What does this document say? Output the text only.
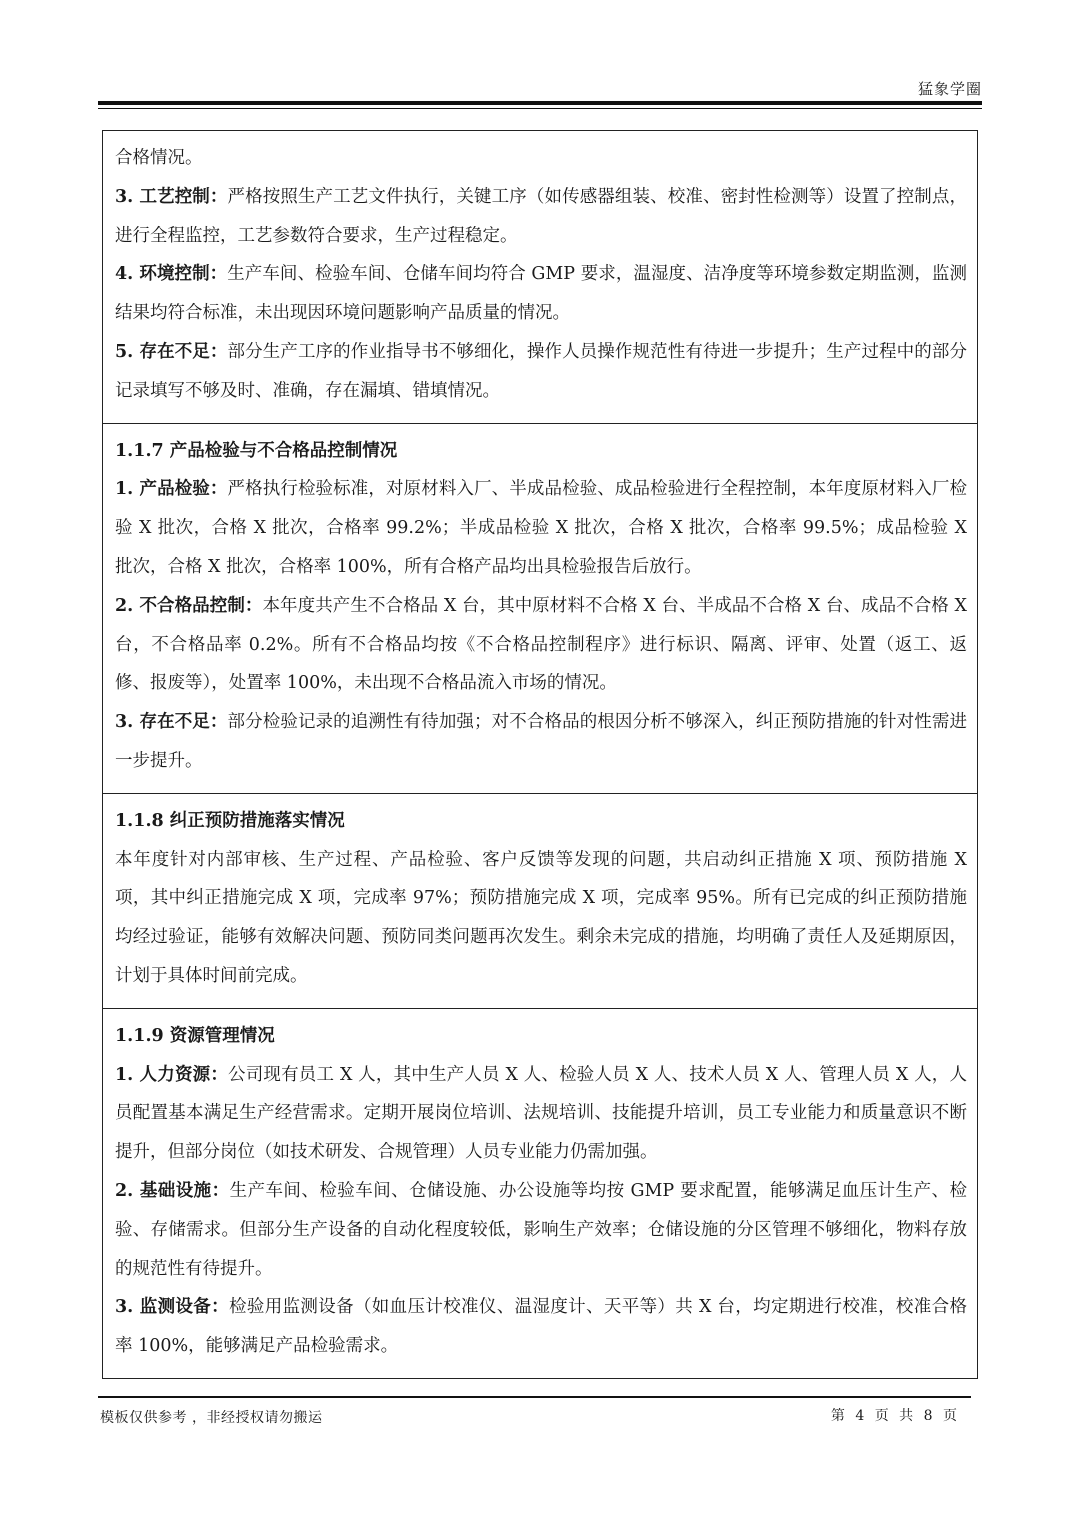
猛象学圈

合格情况。

3. 工艺控制：严格按照生产工艺文件执行，关键工序（如传感器组装、校准、密封性检测等）设置了控制点，进行全程监控，工艺参数符合要求，生产过程稳定。

4. 环境控制：生产车间、检验车间、仓储车间均符合 GMP 要求，温湿度、洁净度等环境参数定期监测，监测结果均符合标准，未出现因环境问题影响产品质量的情况。

5. 存在不足：部分生产工序的作业指导书不够细化，操作人员操作规范性有待进一步提升；生产过程中的部分记录填写不够及时、准确，存在漏填、错填情况。

1.1.7 产品检验与不合格品控制情况

1. 产品检验：严格执行检验标准，对原材料入厂、半成品检验、成品检验进行全程控制，本年度原材料入厂检验 X 批次，合格 X 批次，合格率 99.2%；半成品检验 X 批次，合格 X 批次，合格率 99.5%；成品检验 X 批次，合格 X 批次，合格率 100%，所有合格产品均出具检验报告后放行。

2. 不合格品控制：本年度共产生不合格品 X 台，其中原材料不合格 X 台、半成品不合格 X 台、成品不合格 X 台，不合格品率 0.2%。所有不合格品均按《不合格品控制程序》进行标识、隔离、评审、处置（返工、返修、报废等），处置率 100%，未出现不合格品流入市场的情况。

3. 存在不足：部分检验记录的追溯性有待加强；对不合格品的根因分析不够深入，纠正预防措施的针对性需进一步提升。

1.1.8 纠正预防措施落实情况

本年度针对内部审核、生产过程、产品检验、客户反馈等发现的问题，共启动纠正措施 X 项、预防措施 X 项，其中纠正措施完成 X 项，完成率 97%；预防措施完成 X 项，完成率 95%。所有已完成的纠正预防措施均经过验证，能够有效解决问题、预防同类问题再次发生。剩余未完成的措施，均明确了责任人及延期原因，计划于具体时间前完成。

1.1.9 资源管理情况

1. 人力资源：公司现有员工 X 人，其中生产人员 X 人、检验人员 X 人、技术人员 X 人、管理人员 X 人，人员配置基本满足生产经营需求。定期开展岗位培训、法规培训、技能提升培训，员工专业能力和质量意识不断提升，但部分岗位（如技术研发、合规管理）人员专业能力仍需加强。

2. 基础设施：生产车间、检验车间、仓储设施、办公设施等均按 GMP 要求配置，能够满足血压计生产、检验、存储需求。但部分生产设备的自动化程度较低，影响生产效率；仓储设施的分区管理不够细化，物料存放的规范性有待提升。

3. 监测设备：检验用监测设备（如血压计校准仪、温湿度计、天平等）共 X 台，均定期进行校准，校准合格率 100%，能够满足产品检验需求。

模板仅供参考 ，非经授权请勿搬运	第 4 页 共 8 页
